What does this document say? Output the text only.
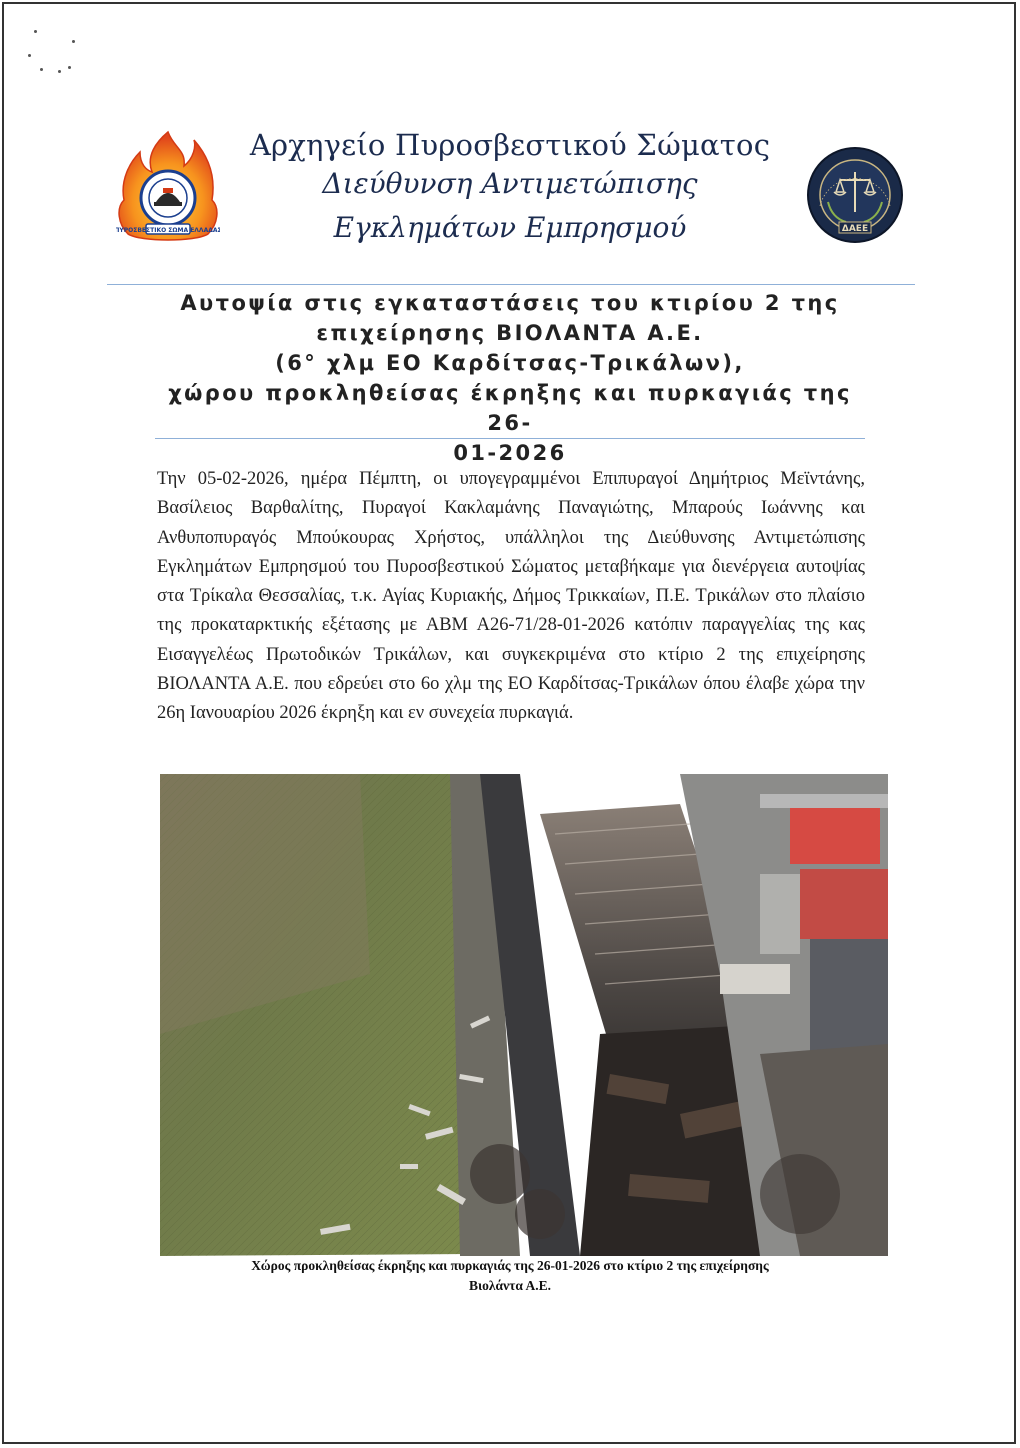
ΠΥΡΟΣΒΕΣΤΙΚΟ ΣΩΜΑ ΕΛΛΑΔΑΣ	ΔΑΕΕ
Αρχηγείο Πυροσβεστικού Σώματος
Διεύθυνση Αντιμετώπισης
Εγκλημάτων Εμπρησμού
Αυτοψία στις εγκαταστάσεις του κτιρίου 2 της
επιχείρησης ΒΙΟΛΑΝΤΑ Α.Ε.
(6° χλμ ΕΟ Καρδίτσας-Τρικάλων),
χώρου προκληθείσας έκρηξης και πυρκαγιάς της 26-
01-2026
Την 05-02-2026, ημέρα Πέμπτη, οι υπογεγραμμένοι Επιπυραγοί Δημήτριος Μεϊντάνης, Βασίλειος Βαρθαλίτης, Πυραγοί Κακλαμάνης Παναγιώτης, Μπαρούς Ιωάννης και Ανθυποπυραγός Μπούκουρας Χρήστος, υπάλληλοι της Διεύθυνσης Αντιμετώπισης Εγκλημάτων Εμπρησμού του Πυροσβεστικού Σώματος μεταβήκαμε για διενέργεια αυτοψίας στα Τρίκαλα Θεσσαλίας, τ.κ. Αγίας Κυριακής, Δήμος Τρικκαίων, Π.Ε. Τρικάλων στο πλαίσιο της προκαταρκτικής εξέτασης με ΑΒΜ Α26-71/28-01-2026 κατόπιν παραγγελίας της κας Εισαγγελέως Πρωτοδικών Τρικάλων, και συγκεκριμένα στο κτίριο 2 της επιχείρησης ΒΙΟΛΑΝΤΑ Α.Ε. που εδρεύει στο 6ο χλμ της ΕΟ Καρδίτσας-Τρικάλων όπου έλαβε χώρα την 26η Ιανουαρίου 2026 έκρηξη και εν συνεχεία πυρκαγιά.
Χώρος προκληθείσας έκρηξης και πυρκαγιάς της 26-01-2026 στο κτίριο 2 της επιχείρησης
Βιολάντα Α.Ε.
